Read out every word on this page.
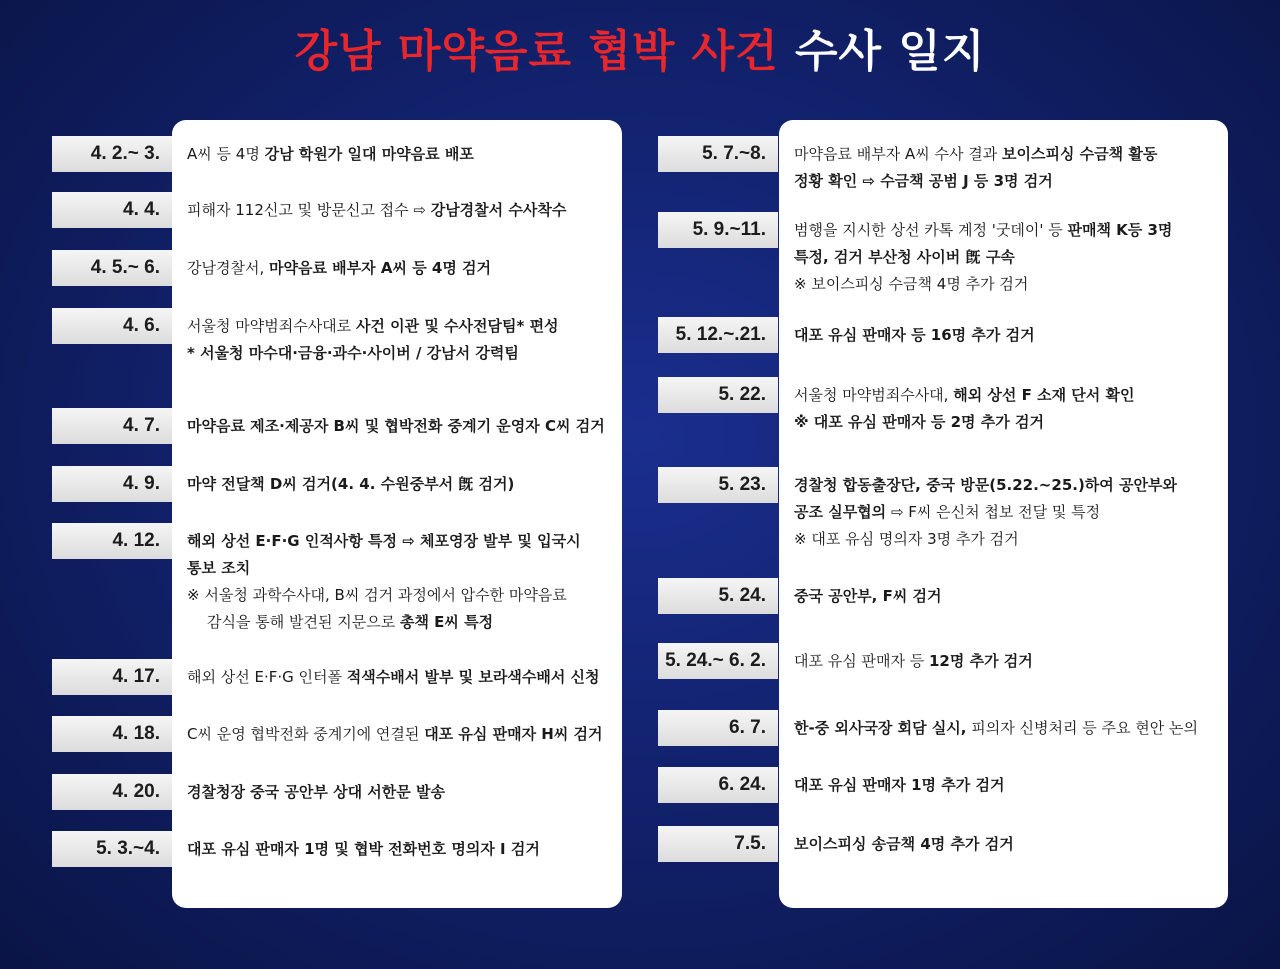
강남 마약음료 협박 사건 수사 일지
4. 2.~ 3.	A씨 등 4명 강남 학원가 일대 마약음료 배포
4. 4.	피해자 112신고 및 방문신고 접수 ⇨ 강남경찰서 수사착수
4. 5.~ 6.	강남경찰서, 마약음료 배부자 A씨 등 4명 검거
4. 6.	서울청 마약범죄수사대로 사건 이관 및 수사전담팀* 편성
* 서울청 마수대·금융·과수·사이버 / 강남서 강력팀
4. 7.	마약음료 제조·제공자 B씨 및 협박전화 중계기 운영자 C씨 검거
4. 9.	마약 전달책 D씨 검거(4. 4. 수원중부서 旣 검거)
4. 12.	해외 상선 E·F·G 인적사항 특정 ⇨ 체포영장 발부 및 입국시
통보 조치
※ 서울청 과학수사대, B씨 검거 과정에서 압수한 마약음료
감식을 통해 발견된 지문으로 총책 E씨 특정
4. 17.	해외 상선 E·F·G 인터폴 적색수배서 발부 및 보라색수배서 신청
4. 18.	C씨 운영 협박전화 중계기에 연결된 대포 유심 판매자 H씨 검거
4. 20.	경찰청장 중국 공안부 상대 서한문 발송
5. 3.~4.	대포 유심 판매자 1명 및 협박 전화번호 명의자 I 검거
5. 7.~8.	마약음료 배부자 A씨 수사 결과 보이스피싱 수금책 활동
정황 확인 ⇨ 수금책 공범 J 등 3명 검거
5. 9.~11.	범행을 지시한 상선 카톡 계정 '굿데이' 등 판매책 K등 3명
특정, 검거 부산청 사이버 旣 구속
※ 보이스피싱 수금책 4명 추가 검거
5. 12.~.21.	대포 유심 판매자 등 16명 추가 검거
5. 22.	서울청 마약범죄수사대, 해외 상선 F 소재 단서 확인
※ 대포 유심 판매자 등 2명 추가 검거
5. 23.	경찰청 합동출장단, 중국 방문(5.22.~25.)하여 공안부와
공조 실무협의 ⇨ F씨 은신처 첩보 전달 및 특정
※ 대포 유심 명의자 3명 추가 검거
5. 24.	중국 공안부, F씨 검거
5. 24.~ 6. 2.	대포 유심 판매자 등 12명 추가 검거
6. 7.	한-중 외사국장 회담 실시, 피의자 신병처리 등 주요 현안 논의
6. 24.	대포 유심 판매자 1명 추가 검거
7.5.	보이스피싱 송금책 4명 추가 검거
